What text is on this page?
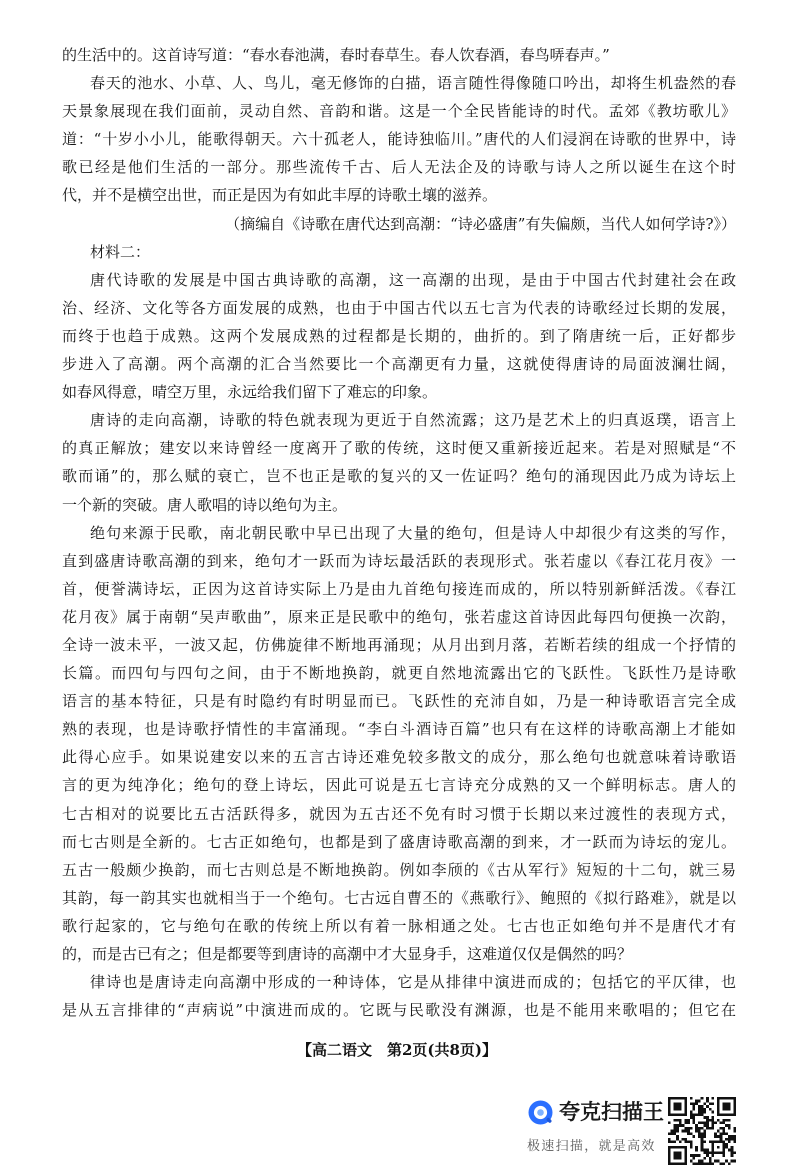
的生活中的。这首诗写道：“春水春池满，春时春草生。春人饮春酒，春鸟哢春声。”
春天的池水、小草、人、鸟儿，毫无修饰的白描，语言随性得像随口吟出，却将生机盎然的春
天景象展现在我们面前，灵动自然、音韵和谐。这是一个全民皆能诗的时代。孟郊《教坊歌儿》
道：“十岁小小儿，能歌得朝天。六十孤老人，能诗独临川。”唐代的人们浸润在诗歌的世界中，诗
歌已经是他们生活的一部分。那些流传千古、后人无法企及的诗歌与诗人之所以诞生在这个时
代，并不是横空出世，而正是因为有如此丰厚的诗歌土壤的滋养。
（摘编自《诗歌在唐代达到高潮：“诗必盛唐”有失偏颇，当代人如何学诗?》）
材料二：
唐代诗歌的发展是中国古典诗歌的高潮，这一高潮的出现，是由于中国古代封建社会在政
治、经济、文化等各方面发展的成熟，也由于中国古代以五七言为代表的诗歌经过长期的发展，
而终于也趋于成熟。这两个发展成熟的过程都是长期的，曲折的。到了隋唐统一后，正好都步
步进入了高潮。两个高潮的汇合当然要比一个高潮更有力量，这就使得唐诗的局面波澜壮阔，
如春风得意，晴空万里，永远给我们留下了难忘的印象。
唐诗的走向高潮，诗歌的特色就表现为更近于自然流露；这乃是艺术上的归真返璞，语言上
的真正解放；建安以来诗曾经一度离开了歌的传统，这时便又重新接近起来。若是对照赋是“不
歌而诵”的，那么赋的衰亡，岂不也正是歌的复兴的又一佐证吗？绝句的涌现因此乃成为诗坛上
一个新的突破。唐人歌唱的诗以绝句为主。
绝句来源于民歌，南北朝民歌中早已出现了大量的绝句，但是诗人中却很少有这类的写作，
直到盛唐诗歌高潮的到来，绝句才一跃而为诗坛最活跃的表现形式。张若虚以《春江花月夜》一
首，便誉满诗坛，正因为这首诗实际上乃是由九首绝句接连而成的，所以特别新鲜活泼。《春江
花月夜》属于南朝“吴声歌曲”，原来正是民歌中的绝句，张若虚这首诗因此每四句便换一次韵，
全诗一波未平，一波又起，仿佛旋律不断地再涌现；从月出到月落，若断若续的组成一个抒情的
长篇。而四句与四句之间，由于不断地换韵，就更自然地流露出它的飞跃性。飞跃性乃是诗歌
语言的基本特征，只是有时隐约有时明显而已。飞跃性的充沛自如，乃是一种诗歌语言完全成
熟的表现，也是诗歌抒情性的丰富涌现。“李白斗酒诗百篇”也只有在这样的诗歌高潮上才能如
此得心应手。如果说建安以来的五言古诗还难免较多散文的成分，那么绝句也就意味着诗歌语
言的更为纯净化；绝句的登上诗坛，因此可说是五七言诗充分成熟的又一个鲜明标志。唐人的
七古相对的说要比五古活跃得多，就因为五古还不免有时习惯于长期以来过渡性的表现方式，
而七古则是全新的。七古正如绝句，也都是到了盛唐诗歌高潮的到来，才一跃而为诗坛的宠儿。
五古一般颇少换韵，而七古则总是不断地换韵。例如李颀的《古从军行》短短的十二句，就三易
其韵，每一韵其实也就相当于一个绝句。七古远自曹丕的《燕歌行》、鲍照的《拟行路难》，就是以
歌行起家的，它与绝句在歌的传统上所以有着一脉相通之处。七古也正如绝句并不是唐代才有
的，而是古已有之；但是都要等到唐诗的高潮中才大显身手，这难道仅仅是偶然的吗？
律诗也是唐诗走向高潮中形成的一种诗体，它是从排律中演进而成的；包括它的平仄律，也
是从五言排律的“声病说”中演进而成的。它既与民歌没有渊源，也是不能用来歌唱的；但它在
【高二语文　第2页(共8页)】
夸克扫描王
极速扫描，就是高效
